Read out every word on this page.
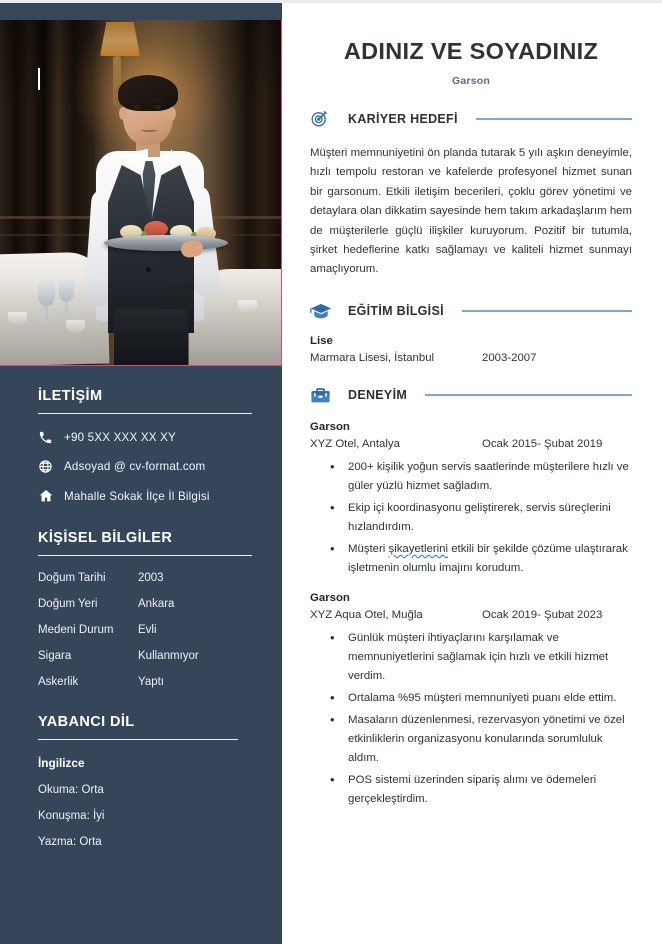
İLETİŞİM
+90 5XX XXX XX XY
Adsoyad @ cv-format.com
Mahalle Sokak İlçe İl Bilgisi
KİŞİSEL BİLGİLER
Doğum Tarihi	2003
Doğum Yeri	Ankara
Medeni Durum	Evli
Sigara	Kullanmıyor
Askerlik	Yaptı
YABANCI DİL
İngilizce
Okuma: Orta
Konuşma: İyi
Yazma: Orta
ADINIZ VE SOYADINIZ
Garson
KARİYER HEDEFİ

Müşteri memnuniyetini ön planda tutarak 5 yılı aşkın deneyimle, hızlı tempolu restoran ve kafelerde profesyonel hizmet sunan bir garsonum. Etkili iletişim becerileri, çoklu görev yönetimi ve detaylara olan dikkatim sayesinde hem takım arkadaşlarım hem de müşterilerle güçlü ilişkiler kuruyorum. Pozitif bir tutumla, şirket hedeflerine katkı sağlamayı ve kaliteli hizmet sunmayı amaçlıyorum.

EĞİTİM BİLGİSİ
Lise
Marmara Lisesi, İstanbul	2003-2007
DENEYİM
Garson
XYZ Otel, Antalya	Ocak 2015- Şubat 2019
• 200+ kişilik yoğun servis saatlerinde müşterilere hızlı ve güler yüzlü hizmet sağladım.
• Ekip içi koordinasyonu geliştirerek, servis süreçlerini hızlandırdım.
• Müşteri şikayetlerini etkili bir şekilde çözüme ulaştırarak işletmenin olumlu imajını korudum.
Garson
XYZ Aqua Otel, Muğla	Ocak 2019- Şubat 2023
• Günlük müşteri ihtiyaçlarını karşılamak ve memnuniyetlerini sağlamak için hızlı ve etkili hizmet verdim.
• Ortalama %95 müşteri memnuniyeti puanı elde ettim.
• Masaların düzenlenmesi, rezervasyon yönetimi ve özel etkinliklerin organizasyonu konularında sorumluluk aldım.
• POS sistemi üzerinden sipariş alımı ve ödemeleri gerçekleştirdim.
